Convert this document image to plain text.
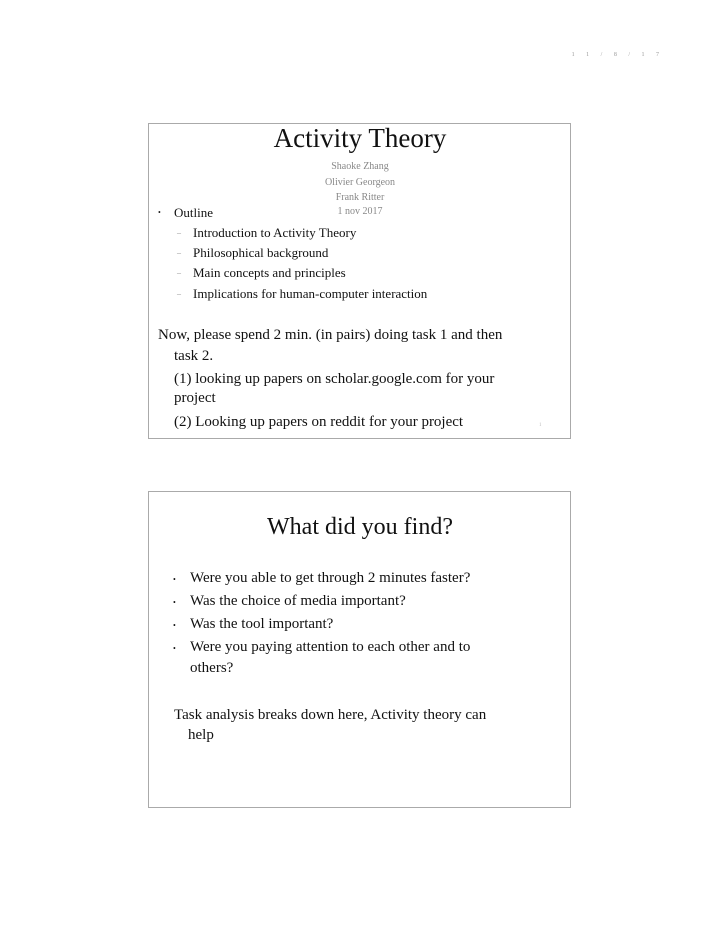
1 1 / 8 / 1 7
Activity Theory
Shaoke Zhang
Olivier Georgeon
Frank Ritter
1 nov 2017
• Outline
– Introduction to Activity Theory
– Philosophical background
– Main concepts and principles
– Implications for human-computer interaction
Now, please spend 2 min. (in pairs) doing task 1 and then
task 2.
(1) looking up papers on scholar.google.com for your
project
(2) Looking up papers on reddit for your project	1
What did you find?
• Were you able to get through 2 minutes faster?
• Was the choice of media important?
• Was the tool important?
• Were you paying attention to each other and to
others?
Task analysis breaks down here, Activity theory can
help
